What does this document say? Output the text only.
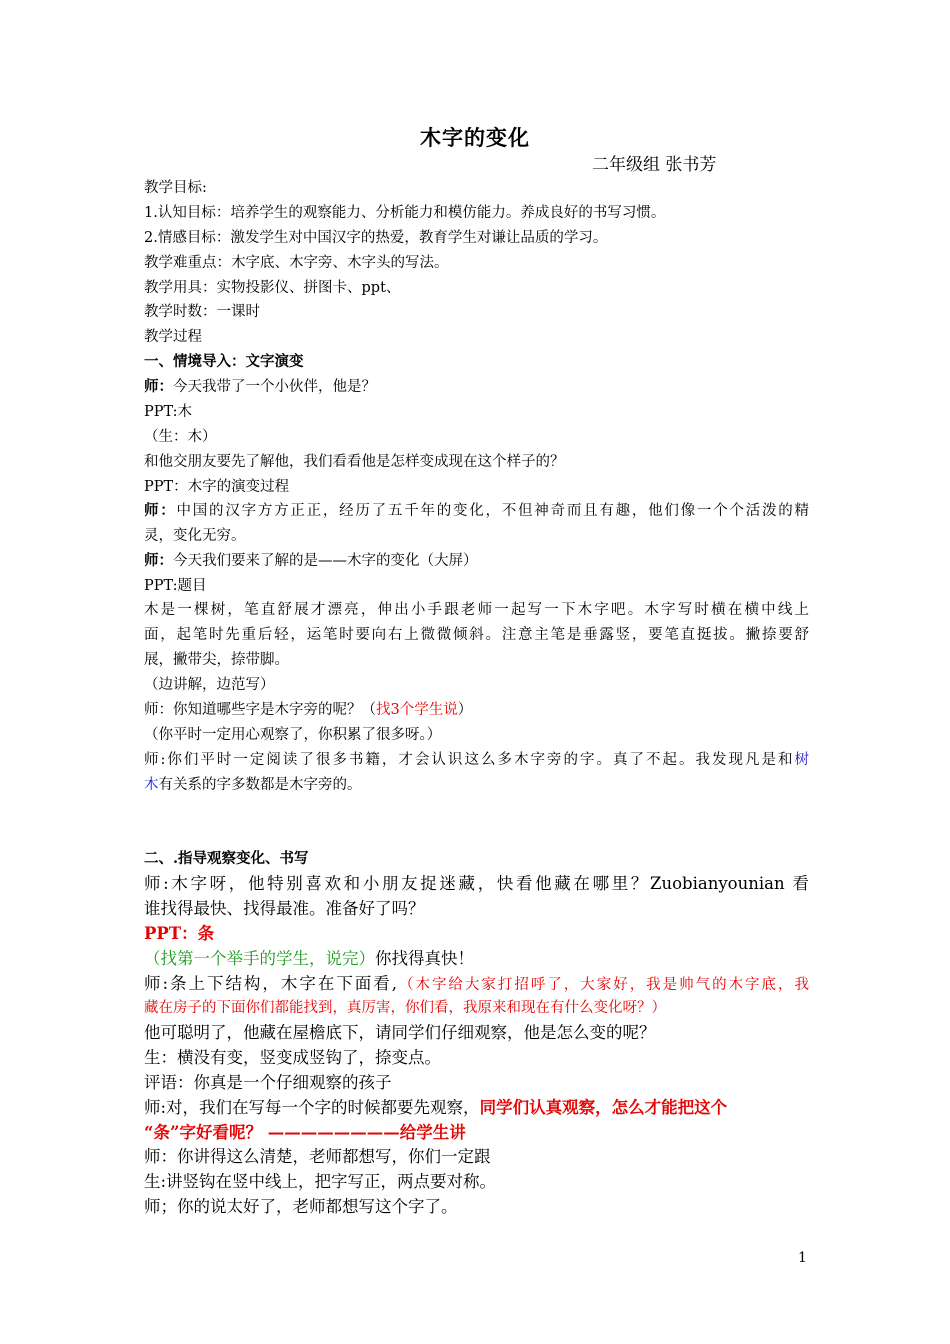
木字的变化
二年级组 张书芳
教学目标:
1.认知目标：培养学生的观察能力、分析能力和模仿能力。养成良好的书写习惯。
2.情感目标：激发学生对中国汉字的热爱，教育学生对谦让品质的学习。
教学难重点：木字底、木字旁、木字头的写法。
教学用具：实物投影仪、拼图卡、ppt、
教学时数：一课时
教学过程
一、情境导入：文字演变
师：今天我带了一个小伙伴，他是？
PPT:木
（生：木）
和他交朋友要先了解他，我们看看他是怎样变成现在这个样子的？
PPT：木字的演变过程
师：中国的汉字方方正正，经历了五千年的变化，不但神奇而且有趣，他们像一个个活泼的精
灵，变化无穷。
师：今天我们要来了解的是——木字的变化（大屏）
PPT:题目
木是一棵树，笔直舒展才漂亮，伸出小手跟老师一起写一下木字吧。木字写时横在横中线上
面，起笔时先重后轻，运笔时要向右上微微倾斜。注意主笔是垂露竖，要笔直挺拔。撇捺要舒
展，撇带尖，捺带脚。
（边讲解，边范写）
师：你知道哪些字是木字旁的呢？（找3个学生说）
（你平时一定用心观察了，你积累了很多呀。）
师:你们平时一定阅读了很多书籍，才会认识这么多木字旁的字。真了不起。我发现凡是和树
木有关系的字多数都是木字旁的。
二、.指导观察变化、书写
师:木字呀，他特别喜欢和小朋友捉迷藏，快看他藏在哪里？Zuobianyounian 看
谁找得最快、找得最准。准备好了吗？
PPT：条
（找第一个举手的学生，说完）你找得真快！
师:条上下结构，木字在下面看,（木字给大家打招呼了，大家好，我是帅气的木字底，我
藏在房子的下面你们都能找到，真厉害，你们看，我原来和现在有什么变化呀？）
他可聪明了，他藏在屋檐底下，请同学们仔细观察，他是怎么变的呢？
生：横没有变，竖变成竖钩了，捺变点。
评语：你真是一个仔细观察的孩子
师:对，我们在写每一个字的时候都要先观察，同学们认真观察，怎么才能把这个
“条”字好看呢？ ————————给学生讲
师：你讲得这么清楚，老师都想写，你们一定跟
生:讲竖钩在竖中线上，把字写正，两点要对称。
师；你的说太好了，老师都想写这个字了。
1
